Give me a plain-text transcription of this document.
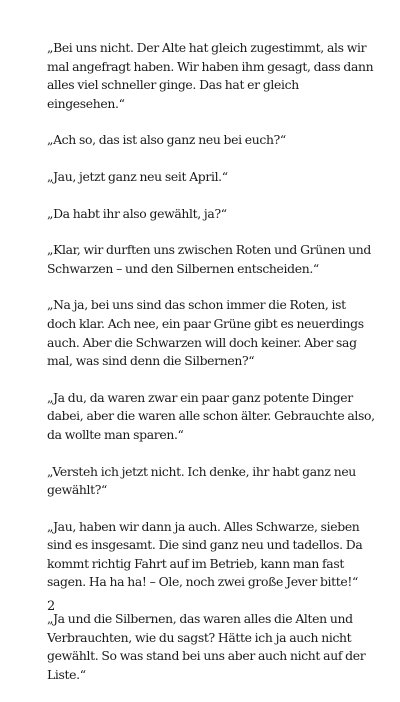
„Bei uns nicht. Der Alte hat gleich zugestimmt, als wir mal angefragt haben. Wir haben ihm gesagt, dass dann alles viel schneller ginge. Das hat er gleich eingesehen.“

„Ach so, das ist also ganz neu bei euch?“

„Jau, jetzt ganz neu seit April.“

„Da habt ihr also gewählt, ja?“

„Klar, wir durften uns zwischen Roten und Grünen und Schwarzen – und den Silbernen entscheiden.“

„Na ja, bei uns sind das schon immer die Roten, ist doch klar. Ach nee, ein paar Grüne gibt es neuerdings auch. Aber die Schwarzen will doch keiner. Aber sag mal, was sind denn die Silbernen?“

„Ja du, da waren zwar ein paar ganz potente Dinger dabei, aber die waren alle schon älter. Gebrauchte also, da wollte man sparen.“

„Versteh ich jetzt nicht. Ich denke, ihr habt ganz neu gewählt?“

„Jau, haben wir dann ja auch. Alles Schwarze, sieben sind es insgesamt. Die sind ganz neu und tadellos. Da kommt richtig Fahrt auf im Betrieb, kann man fast sagen. Ha ha ha! – Ole, noch zwei große Jever bitte!“

„Ja und die Silbernen, das waren alles die Alten und Verbrauchten, wie du sagst? Hätte ich ja auch nicht gewählt. So was stand bei uns aber auch nicht auf der Liste.“

2
